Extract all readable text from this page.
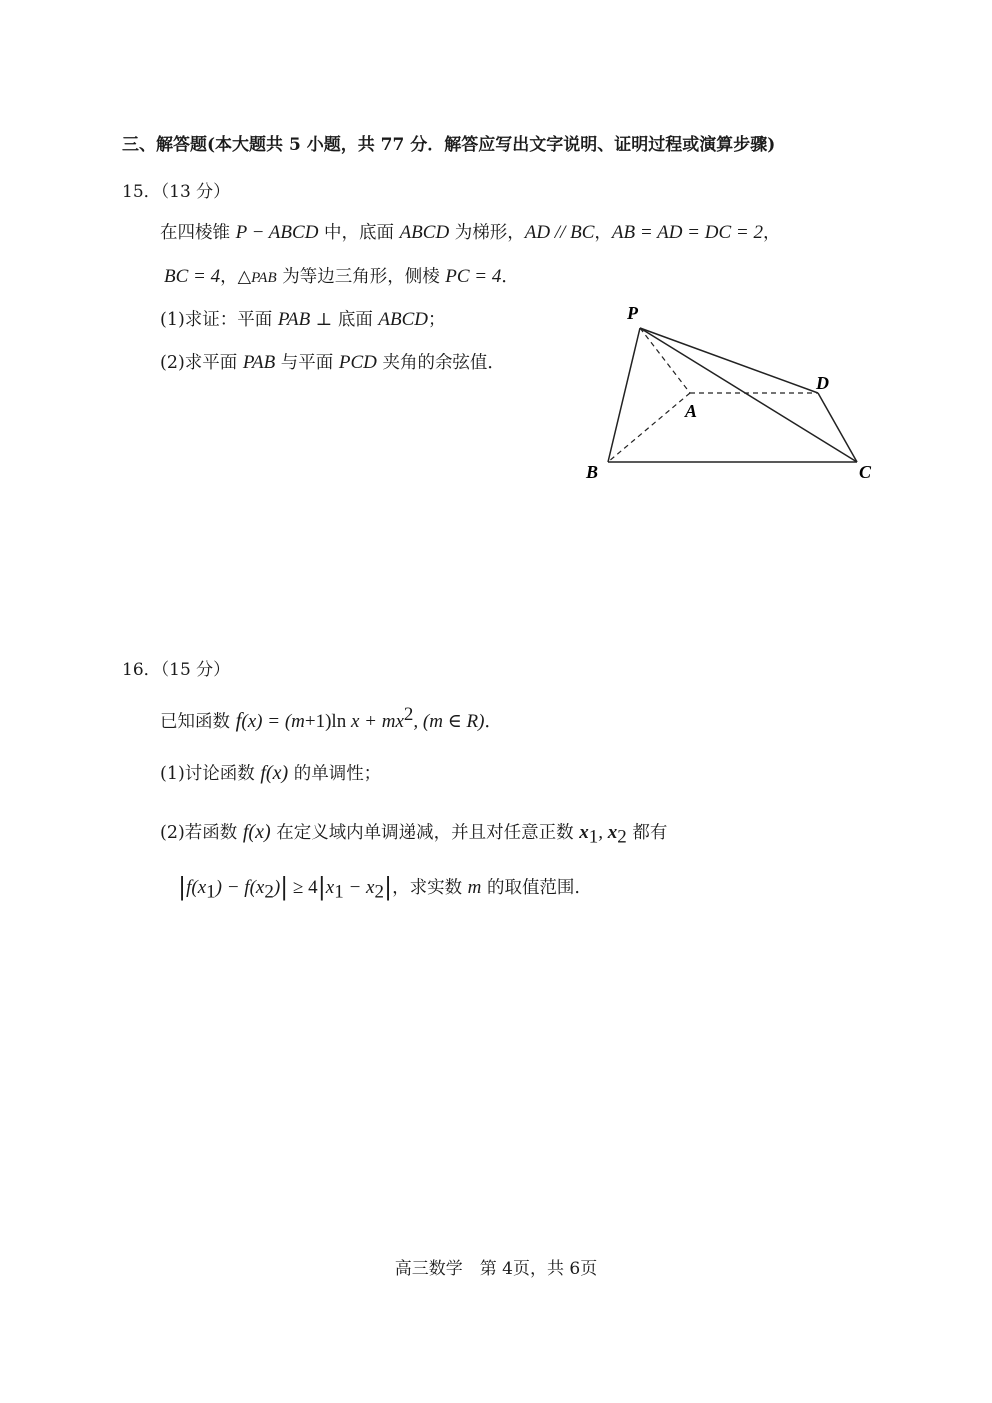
三、解答题(本大题共 5 小题，共 77 分．解答应写出文字说明、证明过程或演算步骤)
15．（13 分）
在四棱锥 P − ABCD 中，底面 ABCD 为梯形，AD // BC，AB = AD = DC = 2，
BC = 4，△PAB 为等边三角形，侧棱 PC = 4．
(1)求证：平面 PAB ⊥ 底面 ABCD；
(2)求平面 PAB 与平面 PCD 夹角的余弦值．
P
A
B	C
D
16．（15 分）
已知函数 f(x) = (m+1)ln $x + mx^2$, (m ∈ R)．
(1)讨论函数 f(x) 的单调性；
(2)若函数 f(x) 在定义域内单调递减，并且对任意正数 $x_1$, $x_2$ 都有
$|f(x_1) - f(x_2)| \ge 4|x_1 - x_2|$，求实数 m 的取值范围.
高三数学　第 4页，共 6页
